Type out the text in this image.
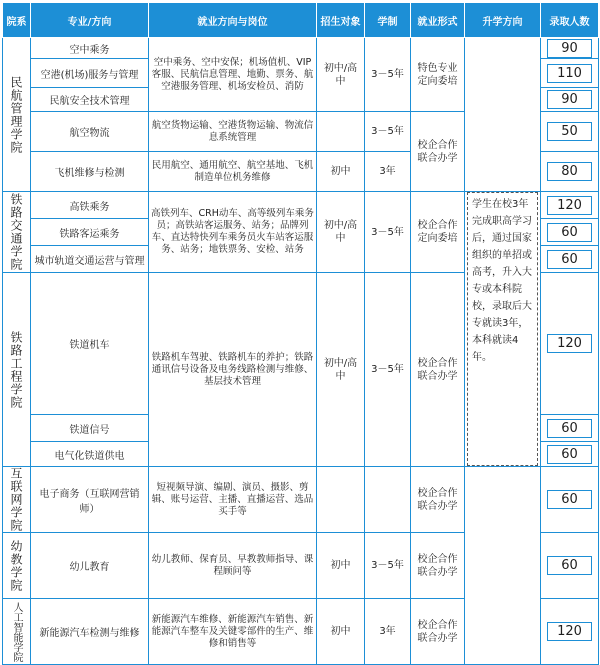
院系	专业/方向	就业方向与岗位	招生对象	学制	就业形式	升学方向	录取人数
民航管理学院	空中乘务	空中乘务、空中安保；机场值机、VIP客服、民航信息管理、地勤、票务、航空港服务管理、机场安检员、消防	初中/高中	3－5年	特色专业定向委培		90

	空港(机场)服务与管理						110

	民航安全技术管理						90

	航空物流	航空货物运输、空港货物运输、物流信息系统管理		3－5年	校企合作联合办学		50

	飞机维修与检测	民用航空、通用航空、航空基地、飞机制造单位机务维修	初中	3年			80

铁路交通学院	高铁乘务	高铁列车、CRH动车、高等级列车乘务员；高铁站客运服务、站务；品牌列车、直达特快列车乘务员火车站客运服务、站务；地铁票务、安检、站务	初中/高中	3－5年	校企合作定向委培	学生在校3年完成职高学习后，通过国家组织的单招或高考，升入大专或本科院校，录取后大专就读3年，本科就读4年。	120

	铁路客运乘务						60

	城市轨道交通运营与管理						60

铁路工程学院	铁道机车	铁路机车驾驶、铁路机车的养护；铁路通讯信号设备及电务线路检测与维修、基层技术管理	初中/高中	3－5年	校企合作联合办学		120

	铁道信号						60

	电气化铁道供电						60

互联网学院	电子商务（互联网营销师）	短视频导演、编剧、演员、摄影、剪辑、账号运营、主播、直播运营、选品买手等			校企合作联合办学		60

幼教学院	幼儿教育	幼儿教师、保育员、早教教师指导、课程顾问等	初中	3－5年	校企合作联合办学		60

人工智能学院	新能源汽车检测与维修	新能源汽车维修、新能源汽车销售、新能源汽车整车及关键零部件的生产、维修和销售等	初中	3年	校企合作联合办学		120
